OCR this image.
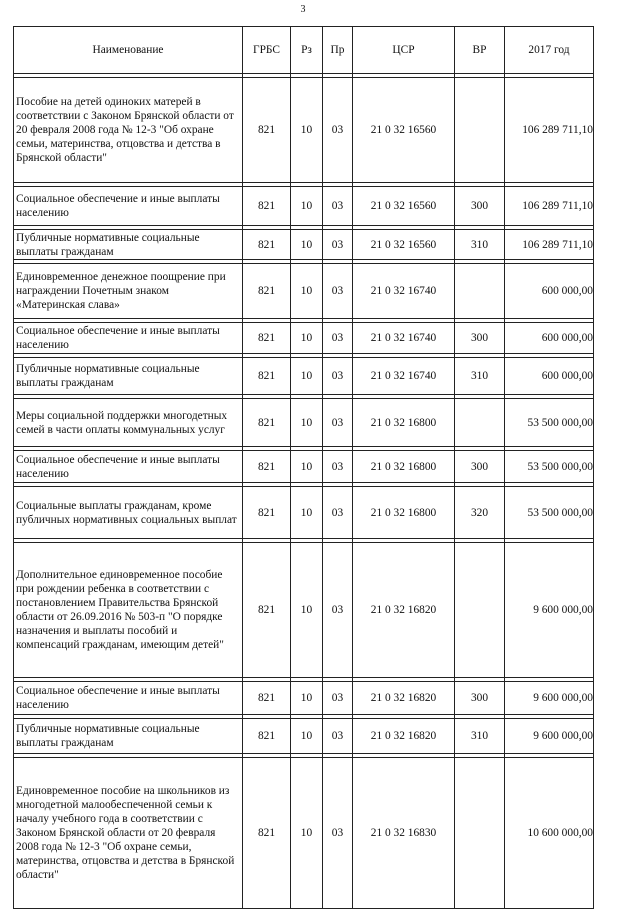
3
Наименование	ГРБС	Рз	Пр	ЦСР	ВР	2017 год

Пособие на детей одиноких матерей в соответствии с Законом Брянской области от 20 февраля 2008 года № 12-3 "Об охране семьи, материнства, отцовства и детства в Брянской области"	821	10	03	21 0 32 16560		106 289 711,10

Социальное обеспечение и иные выплаты населению	821	10	03	21 0 32 16560	300	106 289 711,10

Публичные нормативные социальные выплаты гражданам	821	10	03	21 0 32 16560	310	106 289 711,10

Единовременное денежное поощрение при награждении Почетным знаком «Материнская слава»	821	10	03	21 0 32 16740		600 000,00

Социальное обеспечение и иные выплаты населению	821	10	03	21 0 32 16740	300	600 000,00

Публичные нормативные социальные выплаты гражданам	821	10	03	21 0 32 16740	310	600 000,00

Меры социальной поддержки многодетных семей в части оплаты коммунальных услуг	821	10	03	21 0 32 16800		53 500 000,00

Социальное обеспечение и иные выплаты населению	821	10	03	21 0 32 16800	300	53 500 000,00

Социальные выплаты гражданам, кроме публичных нормативных социальных выплат	821	10	03	21 0 32 16800	320	53 500 000,00

Дополнительное единовременное пособие при рождении ребенка в соответствии с постановлением Правительства Брянской области от 26.09.2016 № 503-п "О порядке назначения и выплаты пособий и компенсаций гражданам, имеющим детей"	821	10	03	21 0 32 16820		9 600 000,00

Социальное обеспечение и иные выплаты населению	821	10	03	21 0 32 16820	300	9 600 000,00

Публичные нормативные социальные выплаты гражданам	821	10	03	21 0 32 16820	310	9 600 000,00

Единовременное пособие на школьников из многодетной малообеспеченной семьи к началу учебного года в соответствии с Законом Брянской области от 20 февраля 2008 года № 12-3 "Об охране семьи, материнства, отцовства и детства в Брянской области"	821	10	03	21 0 32 16830		10 600 000,00
